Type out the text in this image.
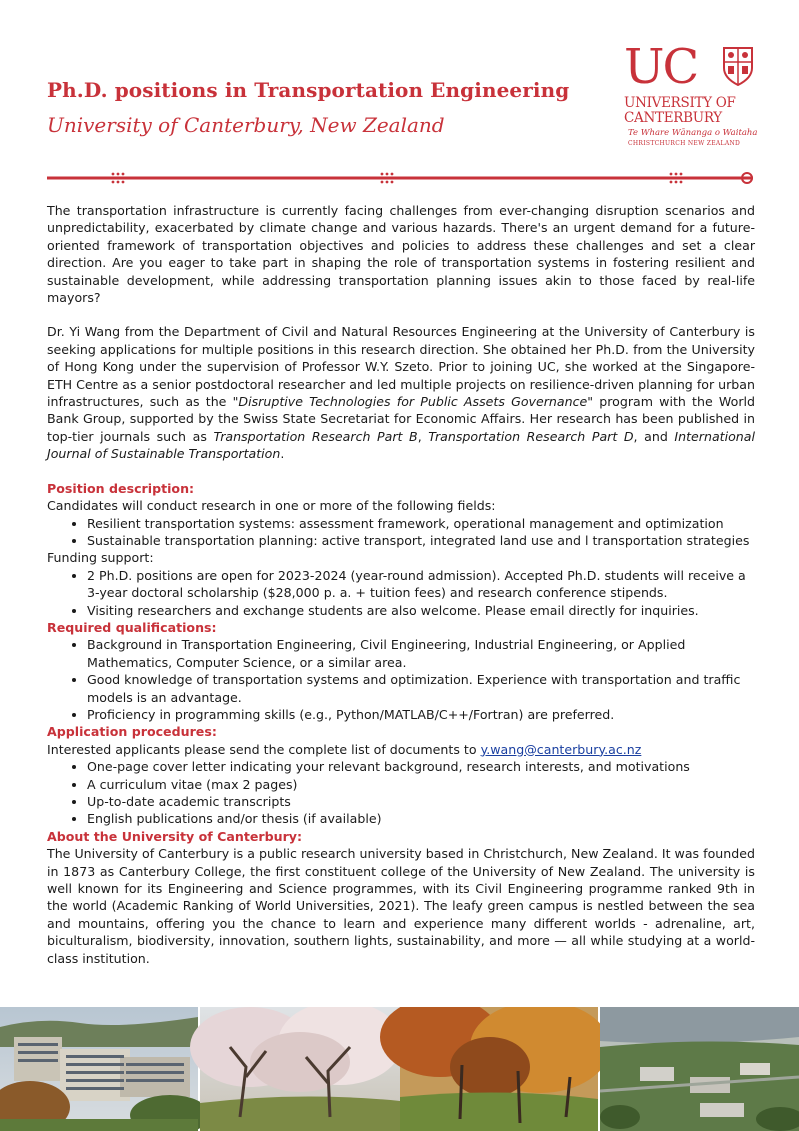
Ph.D. positions in Transportation Engineering
University of Canterbury, New Zealand
UC
UNIVERSITY OF
CANTERBURY
Te Whare Wānanga o Waitaha
CHRISTCHURCH NEW ZEALAND

The transportation infrastructure is currently facing challenges from ever-changing disruption scenarios and unpredictability, exacerbated by climate change and various hazards. There's an urgent demand for a future-oriented framework of transportation objectives and policies to address these challenges and set a clear direction. Are you eager to take part in shaping the role of transportation systems in fostering resilient and sustainable development, while addressing transportation planning issues akin to those faced by real-life mayors?

Dr. Yi Wang from the Department of Civil and Natural Resources Engineering at the University of Canterbury is seeking applications for multiple positions in this research direction. She obtained her Ph.D. from the University of Hong Kong under the supervision of Professor W.Y. Szeto. Prior to joining UC, she worked at the Singapore-ETH Centre as a senior postdoctoral researcher and led multiple projects on resilience-driven planning for urban infrastructures, such as the "Disruptive Technologies for Public Assets Governance" program with the World Bank Group, supported by the Swiss State Secretariat for Economic Affairs. Her research has been published in top-tier journals such as Transportation Research Part B, Transportation Research Part D, and International Journal of Sustainable Transportation.

Position description:

Candidates will conduct research in one or more of the following fields:

• Resilient transportation systems: assessment framework, operational management and optimization
• Sustainable transportation planning: active transport, integrated land use and l transportation strategies

Funding support:

• 2 Ph.D. positions are open for 2023-2024 (year-round admission). Accepted Ph.D. students will receive a 3-year doctoral scholarship ($28,000 p. a. + tuition fees) and research conference stipends.
• Visiting researchers and exchange students are also welcome. Please email directly for inquiries.

Required qualifications:

• Background in Transportation Engineering, Civil Engineering, Industrial Engineering, or Applied Mathematics, Computer Science, or a similar area.
• Good knowledge of transportation systems and optimization. Experience with transportation and traffic models is an advantage.
• Proficiency in programming skills (e.g., Python/MATLAB/C++/Fortran) are preferred.

Application procedures:

Interested applicants please send the complete list of documents to y.wang@canterbury.ac.nz

• One-page cover letter indicating your relevant background, research interests, and motivations
• A curriculum vitae (max 2 pages)
• Up-to-date academic transcripts
• English publications and/or thesis (if available)

About the University of Canterbury:

The University of Canterbury is a public research university based in Christchurch, New Zealand. It was founded in 1873 as Canterbury College, the first constituent college of the University of New Zealand. The university is well known for its Engineering and Science programmes, with its Civil Engineering programme ranked 9th in the world (Academic Ranking of World Universities, 2021). The leafy green campus is nestled between the sea and mountains, offering you the chance to learn and experience many different worlds - adrenaline, art, biculturalism, biodiversity, innovation, southern lights, sustainability, and more — all while studying at a world-class institution.
